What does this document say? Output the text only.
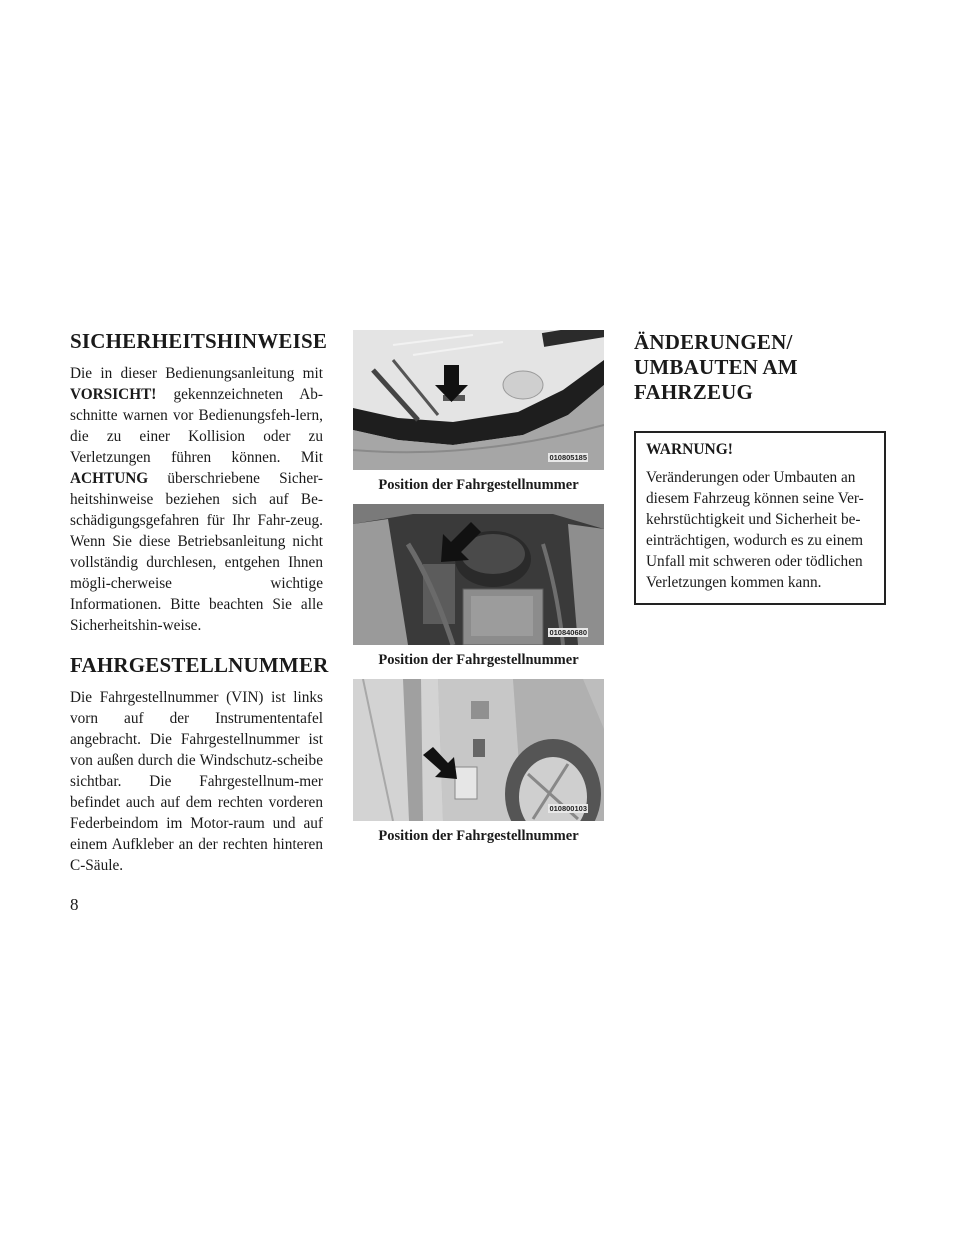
SICHERHEITSHINWEISE

Die in dieser Bedienungsanleitung mit VORSICHT! gekennzeichneten Ab-schnitte warnen vor Bedienungsfeh-lern, die zu einer Kollision oder zu Verletzungen führen können. Mit ACHTUNG überschriebene Sicher-heitshinweise beziehen sich auf Be-schädigungsgefahren für Ihr Fahr-zeug. Wenn Sie diese Betriebsanleitung nicht vollständig durchlesen, entgehen Ihnen mögli-cherweise wichtige Informationen. Bitte beachten Sie alle Sicherheitshin-weise.

FAHRGESTELLNUMMER

Die Fahrgestellnummer (VIN) ist links vorn auf der Instrumententafel angebracht. Die Fahrgestellnummer ist von außen durch die Windschutz-scheibe sichtbar. Die Fahrgestellnum-mer befindet auch auf dem rechten vorderen Federbeindom im Motor-raum und auf einem Aufkleber an der rechten hinteren C-Säule.

010805185
Position der Fahrgestellnummer
010840680
Position der Fahrgestellnummer
010800103
Position der Fahrgestellnummer
ÄNDERUNGEN/
UMBAUTEN AM
FAHRZEUG
WARNUNG!

Veränderungen oder Umbauten an diesem Fahrzeug können seine Ver-kehrstüchtigkeit und Sicherheit be-einträchtigen, wodurch es zu einem Unfall mit schweren oder tödlichen Verletzungen kommen kann.

8
